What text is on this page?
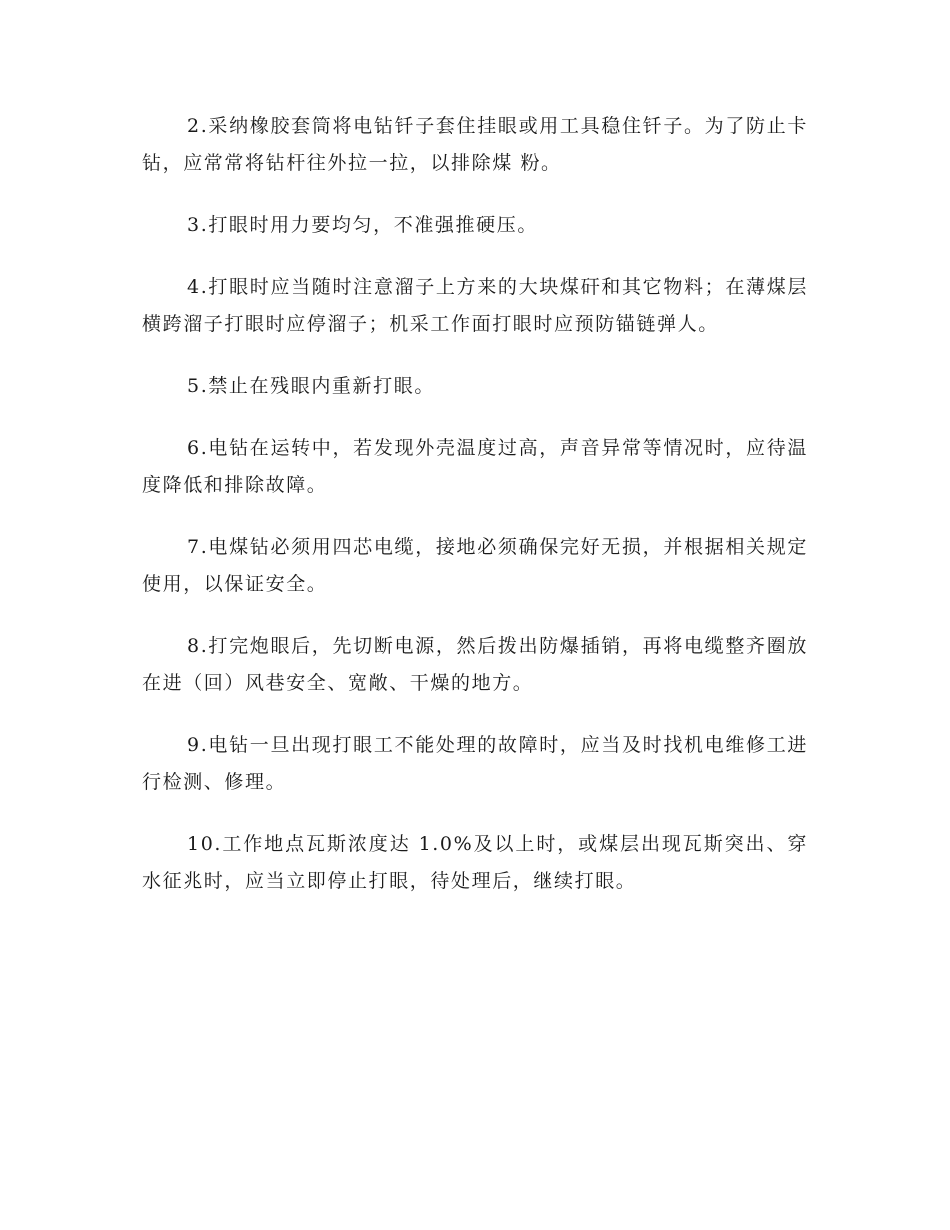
2.采纳橡胶套筒将电钻钎子套住挂眼或用工具稳住钎子。为了防止卡钻，应常常将钻杆往外拉一拉，以排除煤 粉。

3.打眼时用力要均匀，不准强推硬压。

4.打眼时应当随时注意溜子上方来的大块煤矸和其它物料；在薄煤层横跨溜子打眼时应停溜子；机采工作面打眼时应预防锚链弹人。

5.禁止在残眼内重新打眼。

6.电钻在运转中，若发现外壳温度过高，声音异常等情况时，应待温度降低和排除故障。

7.电煤钻必须用四芯电缆，接地必须确保完好无损，并根据相关规定使用，以保证安全。

8.打完炮眼后，先切断电源，然后拨出防爆插销，再将电缆整齐圈放在进（回）风巷安全、宽敞、干燥的地方。

9.电钻一旦出现打眼工不能处理的故障时，应当及时找机电维修工进行检测、修理。

10.工作地点瓦斯浓度达 1.0%及以上时，或煤层出现瓦斯突出、穿水征兆时，应当立即停止打眼，待处理后，继续打眼。
